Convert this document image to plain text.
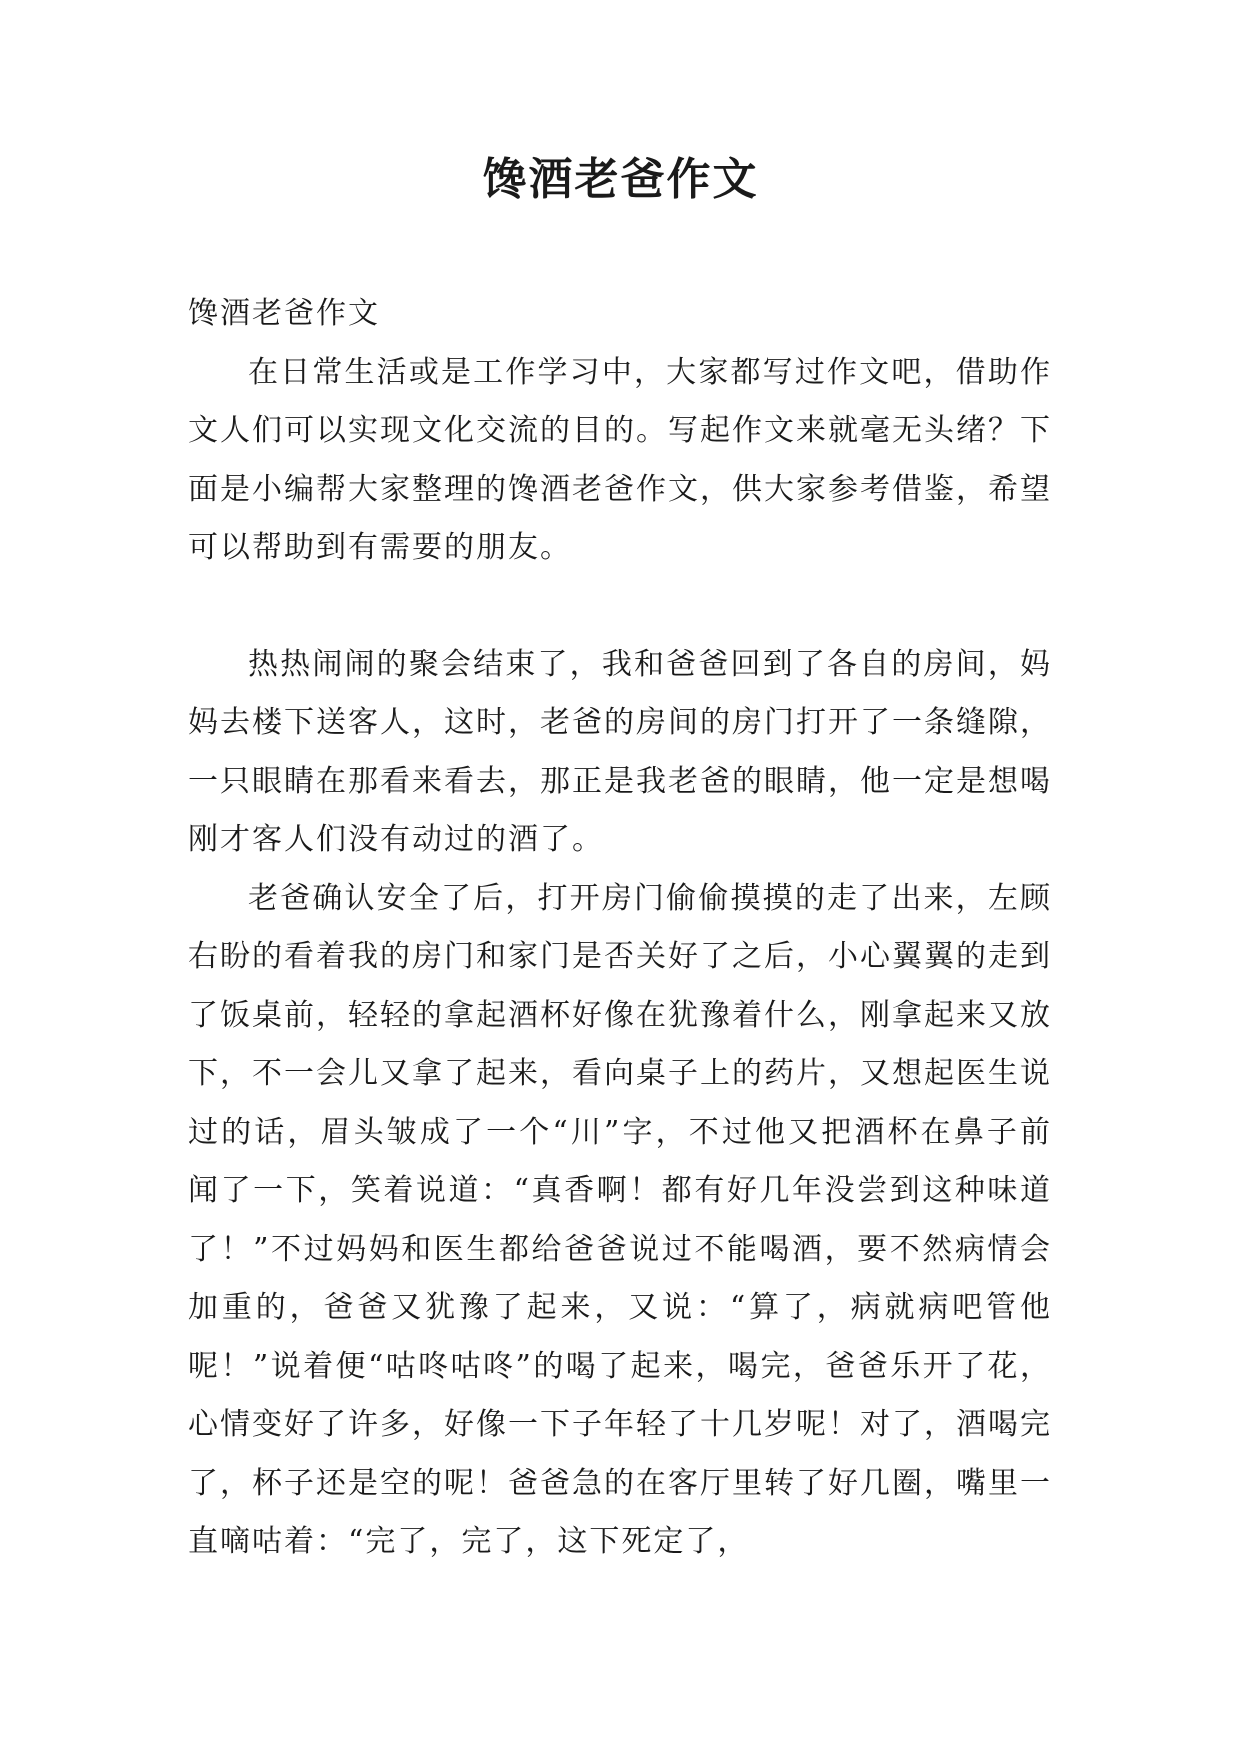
馋酒老爸作文

馋酒老爸作文

在日常生活或是工作学习中，大家都写过作文吧，借助作文人们可以实现文化交流的目的。写起作文来就毫无头绪？下面是小编帮大家整理的馋酒老爸作文，供大家参考借鉴，希望可以帮助到有需要的朋友。

热热闹闹的聚会结束了，我和爸爸回到了各自的房间，妈妈去楼下送客人，这时，老爸的房间的房门打开了一条缝隙，一只眼睛在那看来看去，那正是我老爸的眼睛，他一定是想喝刚才客人们没有动过的酒了。

老爸确认安全了后，打开房门偷偷摸摸的走了出来，左顾右盼的看着我的房门和家门是否关好了之后，小心翼翼的走到了饭桌前，轻轻的拿起酒杯好像在犹豫着什么，刚拿起来又放下，不一会儿又拿了起来，看向桌子上的药片，又想起医生说过的话，眉头皱成了一个“川”字，不过他又把酒杯在鼻子前闻了一下，笑着说道：“真香啊！都有好几年没尝到这种味道了！”不过妈妈和医生都给爸爸说过不能喝酒，要不然病情会加重的，爸爸又犹豫了起来，又说：“算了，病就病吧管他呢！”说着便“咕咚咕咚”的喝了起来，喝完，爸爸乐开了花，心情变好了许多，好像一下子年轻了十几岁呢！对了，酒喝完了，杯子还是空的呢！爸爸急的在客厅里转了好几圈，嘴里一直嘀咕着：“完了，完了，这下死定了，
